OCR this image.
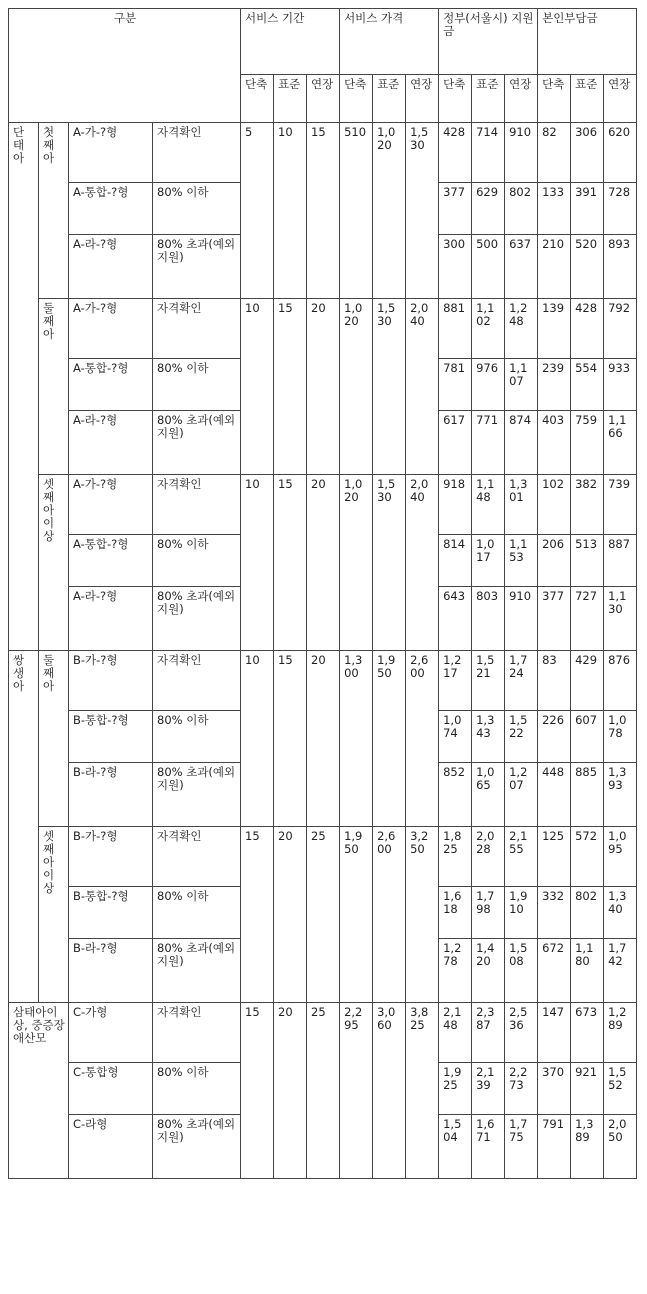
구분				서비스 기간			서비스 가격			정부(서울시) 지원금			본인부담금		
				단축	표준	연장	단축	표준	연장	단축	표준	연장	단축	표준	연장
단태아	첫째아	A-가-?형	자격확인	5	10	15	510	1,020	1,530	428	714	910	82	306	620
		A-통합-?형	80% 이하							377	629	802	133	391	728
		A-라-?형	80% 초과(예외지원)							300	500	637	210	520	893
	둘째아	A-가-?형	자격확인	10	15	20	1,020	1,530	2,040	881	1,102	1,248	139	428	792
		A-통합-?형	80% 이하							781	976	1,107	239	554	933
		A-라-?형	80% 초과(예외지원)							617	771	874	403	759	1,166
	셋째아이상	A-가-?형	자격확인	10	15	20	1,020	1,530	2,040	918	1,148	1,301	102	382	739
		A-통합-?형	80% 이하							814	1,017	1,153	206	513	887
		A-라-?형	80% 초과(예외지원)							643	803	910	377	727	1,130
쌍생아	둘째아	B-가-?형	자격확인	10	15	20	1,300	1,950	2,600	1,217	1,521	1,724	83	429	876
		B-통합-?형	80% 이하							1,074	1,343	1,522	226	607	1,078
		B-라-?형	80% 초과(예외지원)							852	1,065	1,207	448	885	1,393
	셋째아이상	B-가-?형	자격확인	15	20	25	1,950	2,600	3,250	1,825	2,028	2,155	125	572	1,095
		B-통합-?형	80% 이하							1,618	1,798	1,910	332	802	1,340
		B-라-?형	80% 초과(예외지원)							1,278	1,420	1,508	672	1,180	1,742
삼태아이상, 중증장애산모		C-가형	자격확인	15	20	25	2,295	3,060	3,825	2,148	2,387	2,536	147	673	1,289
		C-통합형	80% 이하							1,925	2,139	2,273	370	921	1,552
		C-라형	80% 초과(예외지원)							1,504	1,671	1,775	791	1,389	2,050
